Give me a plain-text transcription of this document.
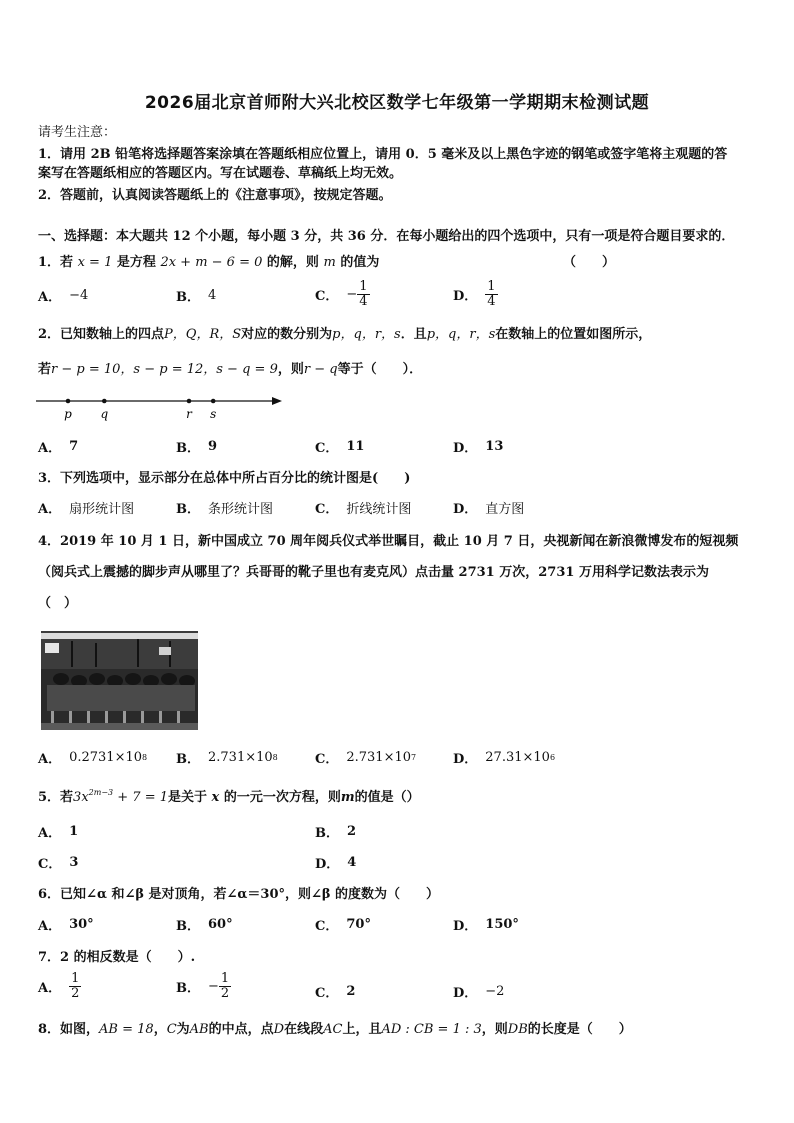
2026届北京首师附大兴北校区数学七年级第一学期期末检测试题
请考生注意：
1．请用 2B 铅笔将选择题答案涂填在答题纸相应位置上，请用 0．5 毫米及以上黑色字迹的钢笔或签字笔将主观题的答
案写在答题纸相应的答题区内。写在试题卷、草稿纸上均无效。
2．答题前，认真阅读答题纸上的《注意事项》，按规定答题。
一、选择题：本大题共 12 个小题，每小题 3 分，共 36 分．在每小题给出的四个选项中，只有一项是符合题目要求的．
1．若 x = 1 是方程 2x + m − 6 = 0 的解，则 m 的值为	（　　）
A． −4	B． 4	C． − $\frac{1}{4}$	D． $\frac{1}{4}$
2．已知数轴上的四点P，Q，R，S对应的数分别为p，q，r，s．且p，q，r，s在数轴上的位置如图所示，
若r − p = 10，s − p = 12，s − q = 9，则r − q等于（　　）．
p q	r s
A． 7	B． 9	C． 11	D． 13
3．下列选项中，显示部分在总体中所占百分比的统计图是(　　)
A． 扇形统计图	B． 条形统计图	C． 折线统计图	D． 直方图
4．2019 年 10 月 1 日，新中国成立 70 周年阅兵仪式举世瞩目，截止 10 月 7 日，央视新闻在新浪微博发布的短视频
（阅兵式上震撼的脚步声从哪里了？兵哥哥的靴子里也有麦克风）点击量 2731 万次，2731 万用科学记数法表示为
（　）
A． 0.2731×10 8 B． 2.731×10 8	C． 2.731×10 7	D． 27.31×10 6
5．若$3x^{2m-3} + 7 = 1$是关于 x 的一元一次方程，则m的值是（）
A． 1	B． 2
C． 3	D． 4
6．已知∠α 和∠β 是对顶角，若∠α＝30°，则∠β 的度数为（　　）
A． 30°	B． 60°	C． 70°	D． 150°
7．2 的相反数是（　　）.
A． $\frac{1}{2}$	B． − $\frac{1}{2}$	C． 2	D． −2
8．如图，AB = 18，C为AB的中点，点D在线段AC上，且AD : CB = 1 : 3，则DB的长度是（　　）
